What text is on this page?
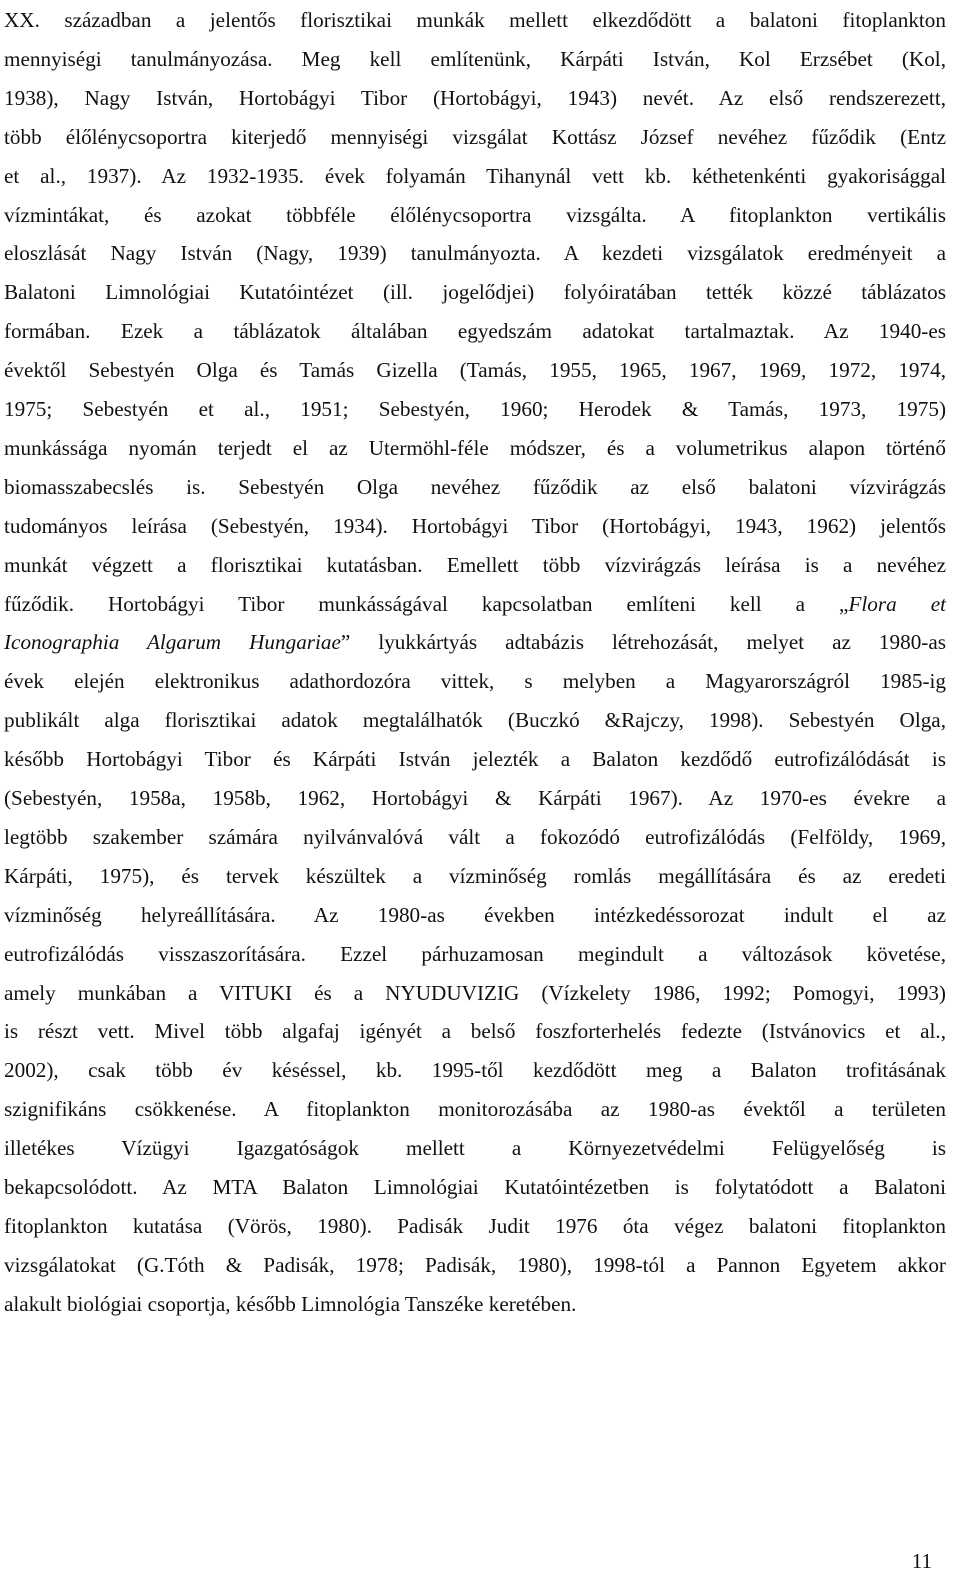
XX. században a jelentős florisztikai munkák mellett elkezdődött a balatoni fitoplankton
mennyiségi tanulmányozása. Meg kell említenünk, Kárpáti István, Kol Erzsébet (Kol,
1938), Nagy István, Hortobágyi Tibor (Hortobágyi, 1943) nevét. Az első rendszerezett,
több élőlénycsoportra kiterjedő mennyiségi vizsgálat Kottász József nevéhez fűződik (Entz
et al., 1937). Az 1932-1935. évek folyamán Tihanynál vett kb. kéthetenkénti gyakorisággal
vízmintákat, és azokat többféle élőlénycsoportra vizsgálta. A fitoplankton vertikális
eloszlását Nagy István (Nagy, 1939) tanulmányozta. A kezdeti vizsgálatok eredményeit a
Balatoni Limnológiai Kutatóintézet (ill. jogelődjei) folyóiratában tették közzé táblázatos
formában. Ezek a táblázatok általában egyedszám adatokat tartalmaztak. Az 1940-es
évektől Sebestyén Olga és Tamás Gizella (Tamás, 1955, 1965, 1967, 1969, 1972, 1974,
1975; Sebestyén et al., 1951; Sebestyén, 1960; Herodek & Tamás, 1973, 1975)
munkássága nyomán terjedt el az Utermöhl-féle módszer, és a volumetrikus alapon történő
biomasszabecslés is. Sebestyén Olga nevéhez fűződik az első balatoni vízvirágzás
tudományos leírása (Sebestyén, 1934). Hortobágyi Tibor (Hortobágyi, 1943, 1962) jelentős
munkát végzett a florisztikai kutatásban. Emellett több vízvirágzás leírása is a nevéhez
fűződik. Hortobágyi Tibor munkásságával kapcsolatban említeni kell a „Flora et
Iconographia Algarum Hungariae” lyukkártyás adtabázis létrehozását, melyet az 1980-as
évek elején elektronikus adathordozóra vittek, s melyben a Magyarországról 1985-ig
publikált alga florisztikai adatok megtalálhatók (Buczkó &Rajczy, 1998). Sebestyén Olga,
később Hortobágyi Tibor és Kárpáti István jelezték a Balaton kezdődő eutrofizálódását is
(Sebestyén, 1958a, 1958b, 1962, Hortobágyi & Kárpáti 1967). Az 1970-es évekre a
legtöbb szakember számára nyilvánvalóvá vált a fokozódó eutrofizálódás (Felföldy, 1969,
Kárpáti, 1975), és tervek készültek a vízminőség romlás megállítására és az eredeti
vízminőség helyreállítására. Az 1980-as években intézkedéssorozat indult el az
eutrofizálódás visszaszorítására. Ezzel párhuzamosan megindult a változások követése,
amely munkában a VITUKI és a NYUDUVIZIG (Vízkelety 1986, 1992; Pomogyi, 1993)
is részt vett. Mivel több algafaj igényét a belső foszforterhelés fedezte (Istvánovics et al.,
2002), csak több év késéssel, kb. 1995-től kezdődött meg a Balaton trofitásának
szignifikáns csökkenése. A fitoplankton monitorozásába az 1980-as évektől a területen
illetékes Vízügyi Igazgatóságok mellett a Környezetvédelmi Felügyelőség is
bekapcsolódott. Az MTA Balaton Limnológiai Kutatóintézetben is folytatódott a Balatoni
fitoplankton kutatása (Vörös, 1980). Padisák Judit 1976 óta végez balatoni fitoplankton
vizsgálatokat (G.Tóth & Padisák, 1978; Padisák, 1980), 1998-tól a Pannon Egyetem akkor
alakult biológiai csoportja, később Limnológia Tanszéke keretében.
11
